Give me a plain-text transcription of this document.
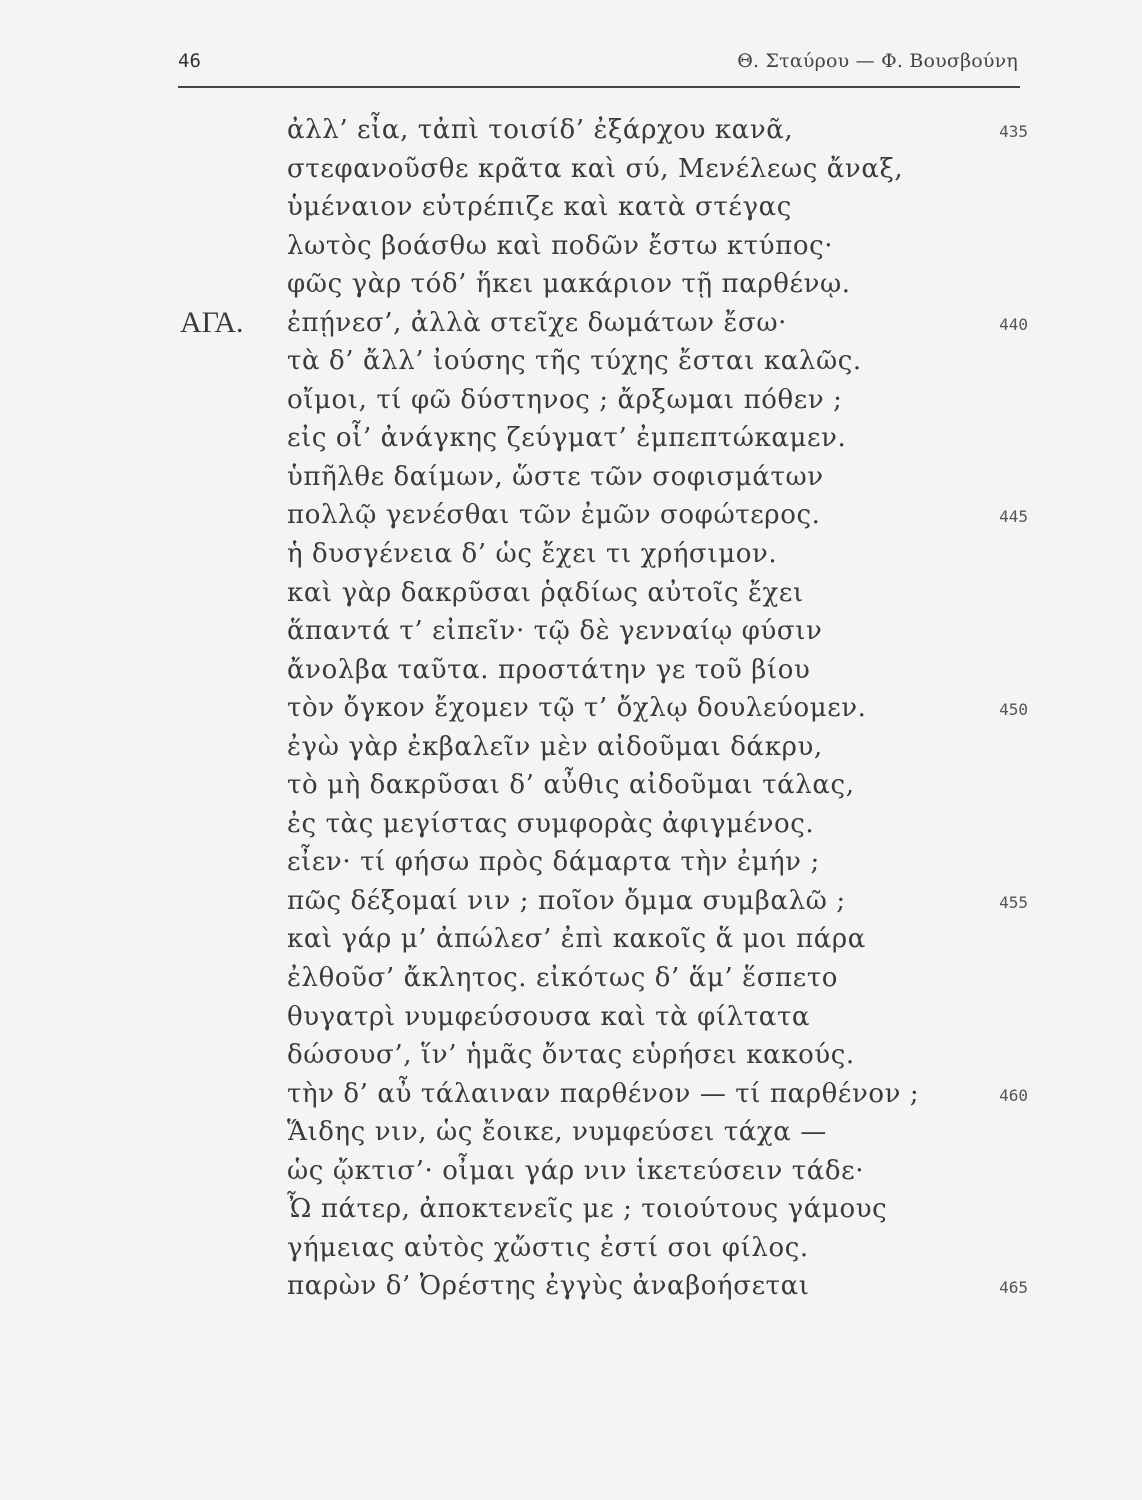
46	Θ. Σταύρου — Φ. Βουσβούνη
ἀλλ’ εἶα, τἀπὶ τοισίδ’ ἐξάρχου κανᾶ,	435
στεφανοῦσθε κρᾶτα καὶ σύ, Μενέλεως ἄναξ,
ὑμέναιον εὐτρέπιζε καὶ κατὰ στέγας
λωτὸς βοάσθω καὶ ποδῶν ἔστω κτύπος·
φῶς γὰρ τόδ’ ἥκει μακάριον τῇ παρθένῳ.
ΑΓΑ.	ἐπῄνεσ’, ἀλλὰ στεῖχε δωμάτων ἔσω·	440
τὰ δ’ ἄλλ’ ἰούσης τῆς τύχης ἔσται καλῶς.
οἴμοι, τί φῶ δύστηνος ; ἄρξωμαι πόθεν ;
εἰς οἷ’ ἀνάγκης ζεύγματ’ ἐμπεπτώκαμεν.
ὑπῆλθε δαίμων, ὥστε τῶν σοφισμάτων
πολλῷ γενέσθαι τῶν ἐμῶν σοφώτερος.	445
ἡ δυσγένεια δ’ ὡς ἔχει τι χρήσιμον.
καὶ γὰρ δακρῦσαι ῥᾳδίως αὐτοῖς ἔχει
ἅπαντά τ’ εἰπεῖν· τῷ δὲ γενναίῳ φύσιν
ἄνολβα ταῦτα. προστάτην γε τοῦ βίου
τὸν ὄγκον ἔχομεν τῷ τ’ ὄχλῳ δουλεύομεν.	450
ἐγὼ γὰρ ἐκβαλεῖν μὲν αἰδοῦμαι δάκρυ,
τὸ μὴ δακρῦσαι δ’ αὖθις αἰδοῦμαι τάλας,
ἐς τὰς μεγίστας συμφορὰς ἀφιγμένος.
εἶεν· τί φήσω πρὸς δάμαρτα τὴν ἐμήν ;
πῶς δέξομαί νιν ; ποῖον ὄμμα συμβαλῶ ;	455
καὶ γάρ μ’ ἀπώλεσ’ ἐπὶ κακοῖς ἅ μοι πάρα
ἐλθοῦσ’ ἄκλητος. εἰκότως δ’ ἅμ’ ἕσπετο
θυγατρὶ νυμφεύσουσα καὶ τὰ φίλτατα
δώσουσ’, ἵν’ ἡμᾶς ὄντας εὑρήσει κακούς.
τὴν δ’ αὖ τάλαιναν παρθένον — τί παρθένον ;	460
Ἅιδης νιν, ὡς ἔοικε, νυμφεύσει τάχα —
ὡς ᾤκτισ’· οἶμαι γάρ νιν ἱκετεύσειν τάδε·
Ὦ πάτερ, ἀποκτενεῖς με ; τοιούτους γάμους
γήμειας αὐτὸς χὤστις ἐστί σοι φίλος.
παρὼν δ’ Ὀρέστης ἐγγὺς ἀναβοήσεται	465
